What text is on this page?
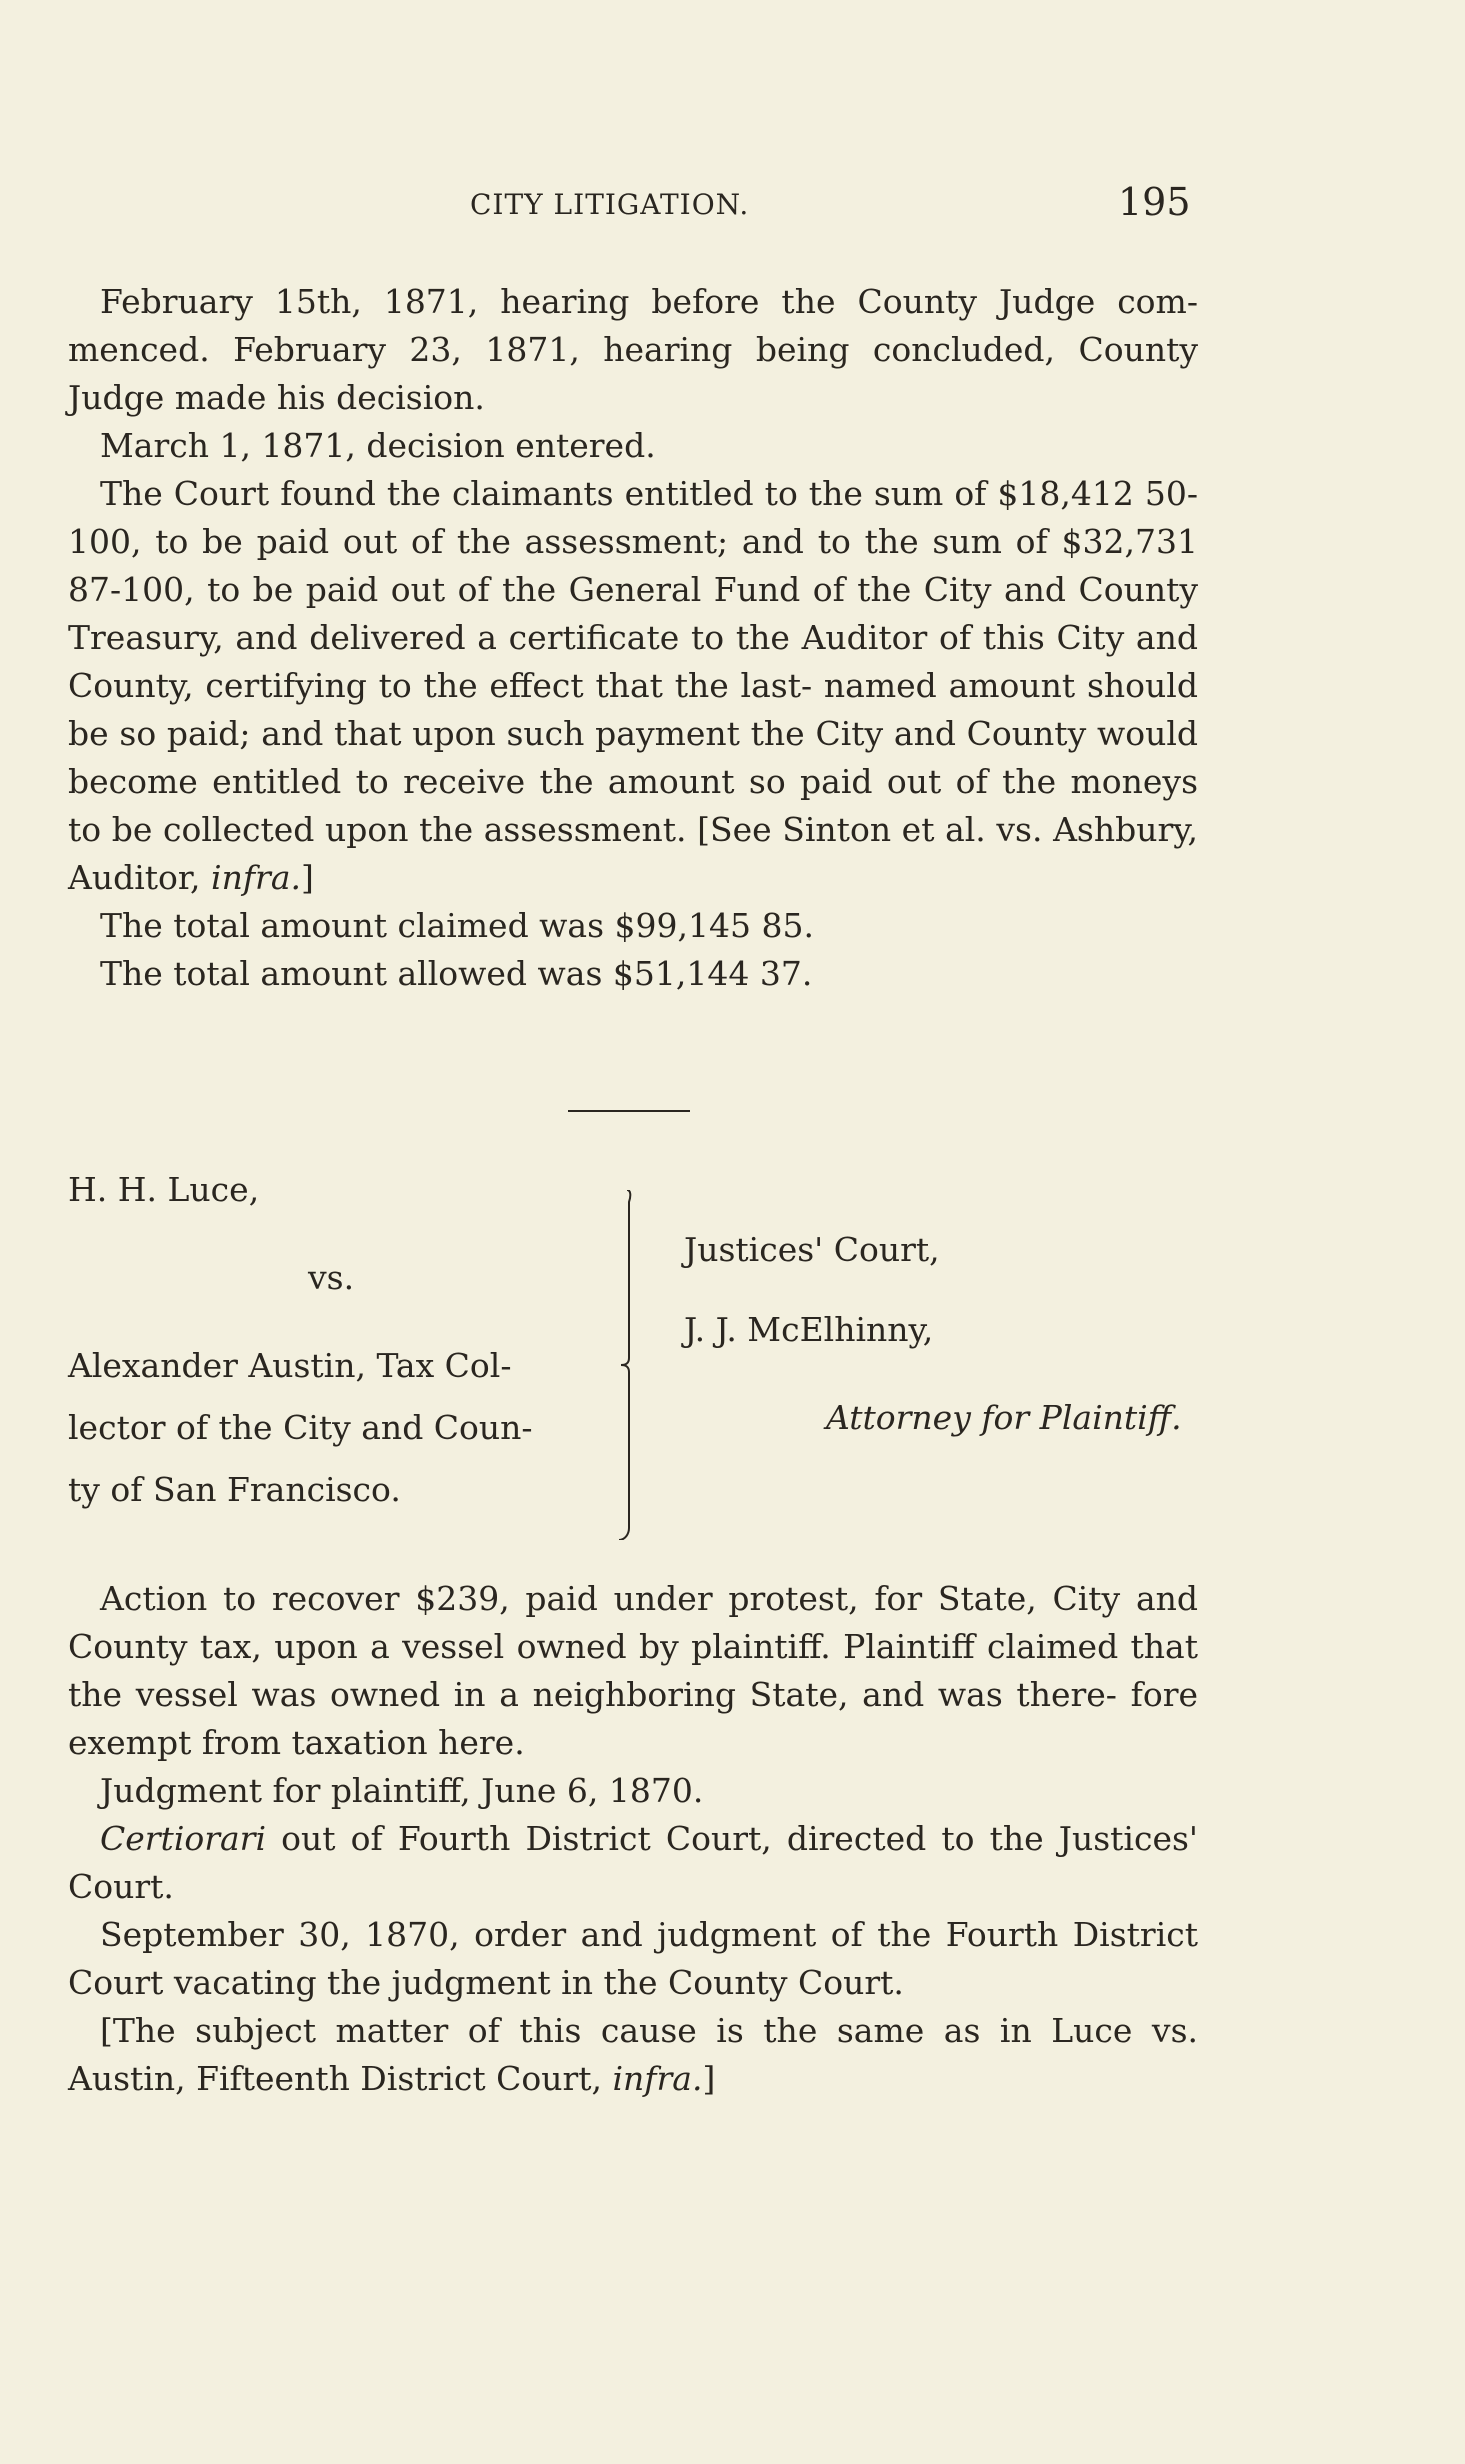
CITY LITIGATION.	195

February 15th, 1871, hearing before the County Judge com- menced. February 23, 1871, hearing being concluded, County Judge made his decision.

March 1, 1871, decision entered.

The Court found the claimants entitled to the sum of $18,412 50-100, to be paid out of the assessment; and to the sum of $32,731 87-100, to be paid out of the General Fund of the City and County Treasury, and delivered a certificate to the Auditor of this City and County, certifying to the effect that the last- named amount should be so paid; and that upon such payment the City and County would become entitled to receive the amount so paid out of the moneys to be collected upon the assessment. [See Sinton et al. vs. Ashbury, Auditor, infra.]

The total amount claimed was $99,145 85.

The total amount allowed was $51,144 37.

H. H. Luce,
vs.
Alexander Austin, Tax Col-
lector of the City and Coun-
ty of San Francisco.
Justices' Court,
J. J. McElhinny,
Attorney for Plaintiff.

Action to recover $239, paid under protest, for State, City and County tax, upon a vessel owned by plaintiff. Plaintiff claimed that the vessel was owned in a neighboring State, and was there- fore exempt from taxation here.

Judgment for plaintiff, June 6, 1870.

Certiorari out of Fourth District Court, directed to the Justices' Court.

September 30, 1870, order and judgment of the Fourth District Court vacating the judgment in the County Court.

[The subject matter of this cause is the same as in Luce vs. Austin, Fifteenth District Court, infra.]
